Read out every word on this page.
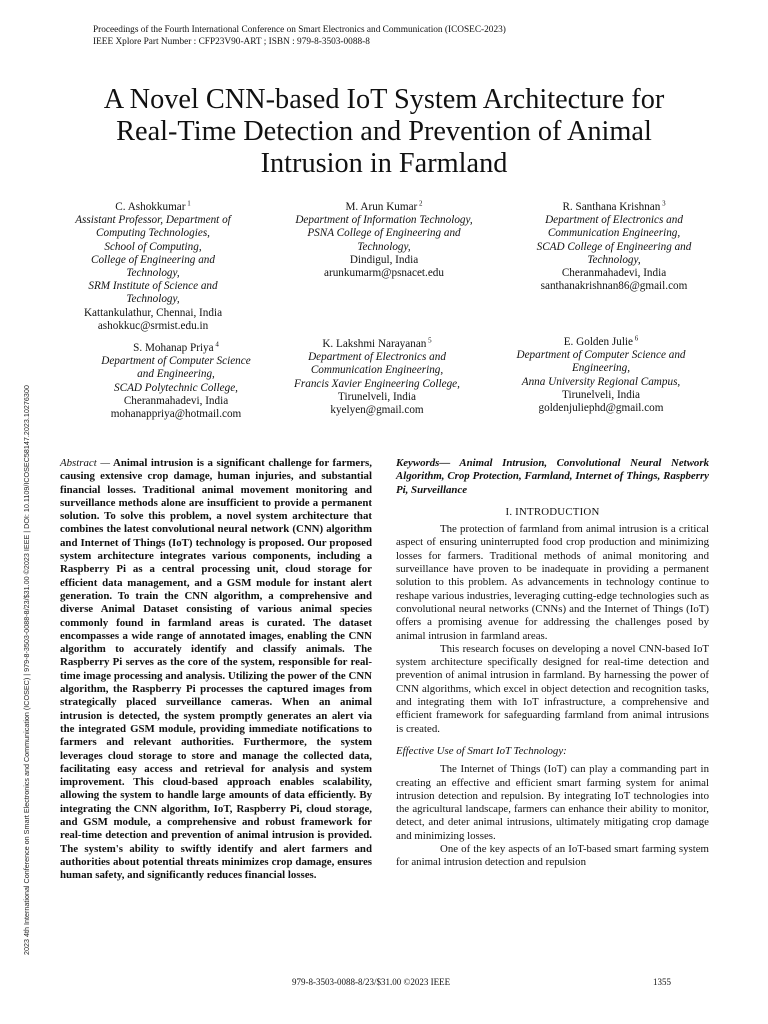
Proceedings of the Fourth International Conference on Smart Electronics and Communication (ICOSEC-2023)
IEEE Xplore Part Number : CFP23V90-ART ; ISBN : 979-8-3503-0088-8
2023 4th International Conference on Smart Electronics and Communication (ICOSEC) | 979-8-3503-0088-8/23/$31.00 ©2023 IEEE | DOI: 10.1109/ICOSEC58147.2023.10276300
A Novel CNN-based IoT System Architecture for
Real-Time Detection and Prevention of Animal
Intrusion in Farmland
C. Ashokkumar $^1$
Assistant Professor, Department of
Computing Technologies,
School of Computing,
College of Engineering and
Technology,
SRM Institute of Science and
Technology,
Kattankulathur, Chennai, India
ashokkuc@srmist.edu.in
M. Arun Kumar $^2$
Department of Information Technology,
PSNA College of Engineering and
Technology,
Dindigul, India
arunkumarm@psnacet.edu
R. Santhana Krishnan $^3$
Department of Electronics and
Communication Engineering,
SCAD College of Engineering and
Technology,
Cheranmahadevi, India
santhanakrishnan86@gmail.com
S. Mohanap Priya $^4$
Department of Computer Science
and Engineering,
SCAD Polytechnic College,
Cheranmahadevi, India
mohanappriya@hotmail.com
K. Lakshmi Narayanan $^5$
Department of Electronics and
Communication Engineering,
Francis Xavier Engineering College,
Tirunelveli, India
kyelyen@gmail.com
E. Golden Julie $^6$
Department of Computer Science and
Engineering,
Anna University Regional Campus,
Tirunelveli, India
goldenjuliephd@gmail.com
Abstract — Animal intrusion is a significant challenge for farmers, causing extensive crop damage, human injuries, and substantial financial losses. Traditional animal movement monitoring and surveillance methods alone are insufficient to provide a permanent solution. To solve this problem, a novel system architecture that combines the latest convolutional neural network (CNN) algorithm and Internet of Things (IoT) technology is proposed. Our proposed system architecture integrates various components, including a Raspberry Pi as a central processing unit, cloud storage for efficient data management, and a GSM module for instant alert generation. To train the CNN algorithm, a comprehensive and diverse Animal Dataset consisting of various animal species commonly found in farmland areas is curated. The dataset encompasses a wide range of annotated images, enabling the CNN algorithm to accurately identify and classify animals. The Raspberry Pi serves as the core of the system, responsible for real-time image processing and analysis. Utilizing the power of the CNN algorithm, the Raspberry Pi processes the captured images from strategically placed surveillance cameras. When an animal intrusion is detected, the system promptly generates an alert via the integrated GSM module, providing immediate notifications to farmers and relevant authorities. Furthermore, the system leverages cloud storage to store and manage the collected data, facilitating easy access and retrieval for analysis and system improvement. This cloud-based approach enables scalability, allowing the system to handle large amounts of data efficiently. By integrating the CNN algorithm, IoT, Raspberry Pi, cloud storage, and GSM module, a comprehensive and robust framework for real-time detection and prevention of animal intrusion is provided. The system's ability to swiftly identify and alert farmers and authorities about potential threats minimizes crop damage, ensures human safety, and significantly reduces financial losses.

Keywords— Animal Intrusion, Convolutional Neural Network Algorithm, Crop Protection, Farmland, Internet of Things, Raspberry Pi, Surveillance

I. INTRODUCTION

The protection of farmland from animal intrusion is a critical aspect of ensuring uninterrupted food crop production and minimizing losses for farmers. Traditional methods of animal monitoring and surveillance have proven to be inadequate in providing a permanent solution to this problem. As advancements in technology continue to reshape various industries, leveraging cutting-edge technologies such as convolutional neural networks (CNNs) and the Internet of Things (IoT) offers a promising avenue for addressing the challenges posed by animal intrusion in farmland areas.

This research focuses on developing a novel CNN-based IoT system architecture specifically designed for real-time detection and prevention of animal intrusion in farmland. By harnessing the power of CNN algorithms, which excel in object detection and recognition tasks, and integrating them with IoT infrastructure, a comprehensive and efficient framework for safeguarding farmland from animal intrusions is created.

Effective Use of Smart IoT Technology:

The Internet of Things (IoT) can play a commanding part in creating an effective and efficient smart farming system for animal intrusion detection and repulsion. By integrating IoT technologies into the agricultural landscape, farmers can enhance their ability to monitor, detect, and deter animal intrusions, ultimately mitigating crop damage and minimizing losses.

One of the key aspects of an IoT-based smart farming system for animal intrusion detection and repulsion

979-8-3503-0088-8/23/$31.00 ©2023 IEEE	1355
